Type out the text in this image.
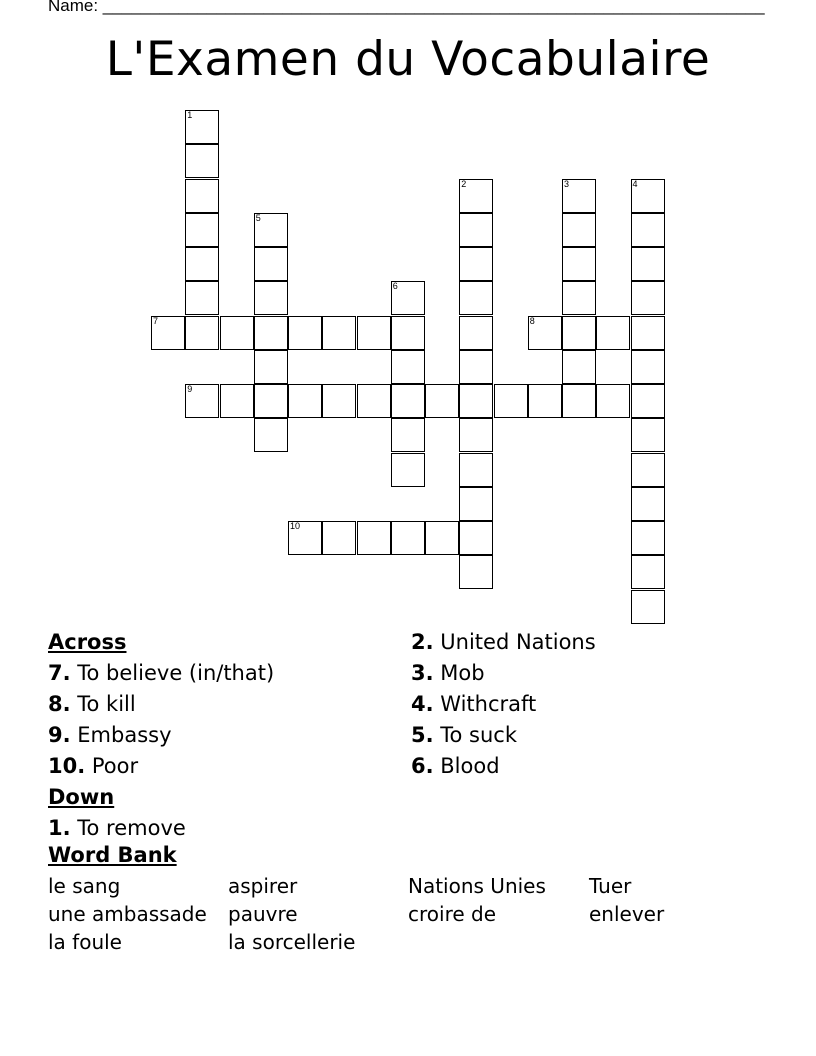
Name: ______________________________________________________________________
L'Examen du Vocabulaire
7	8
9
10
1
2	3	4
5
6
Across
7. To believe (in/that)
8. To kill
9. Embassy
10. Poor
Down
1. To remove
2. United Nations
3. Mob
4. Withcraft
5. To suck
6. Blood
Word Bank
le sang
une ambassade
la foule
aspirer
pauvre
la sorcellerie
Nations Unies
croire de
Tuer
enlever
